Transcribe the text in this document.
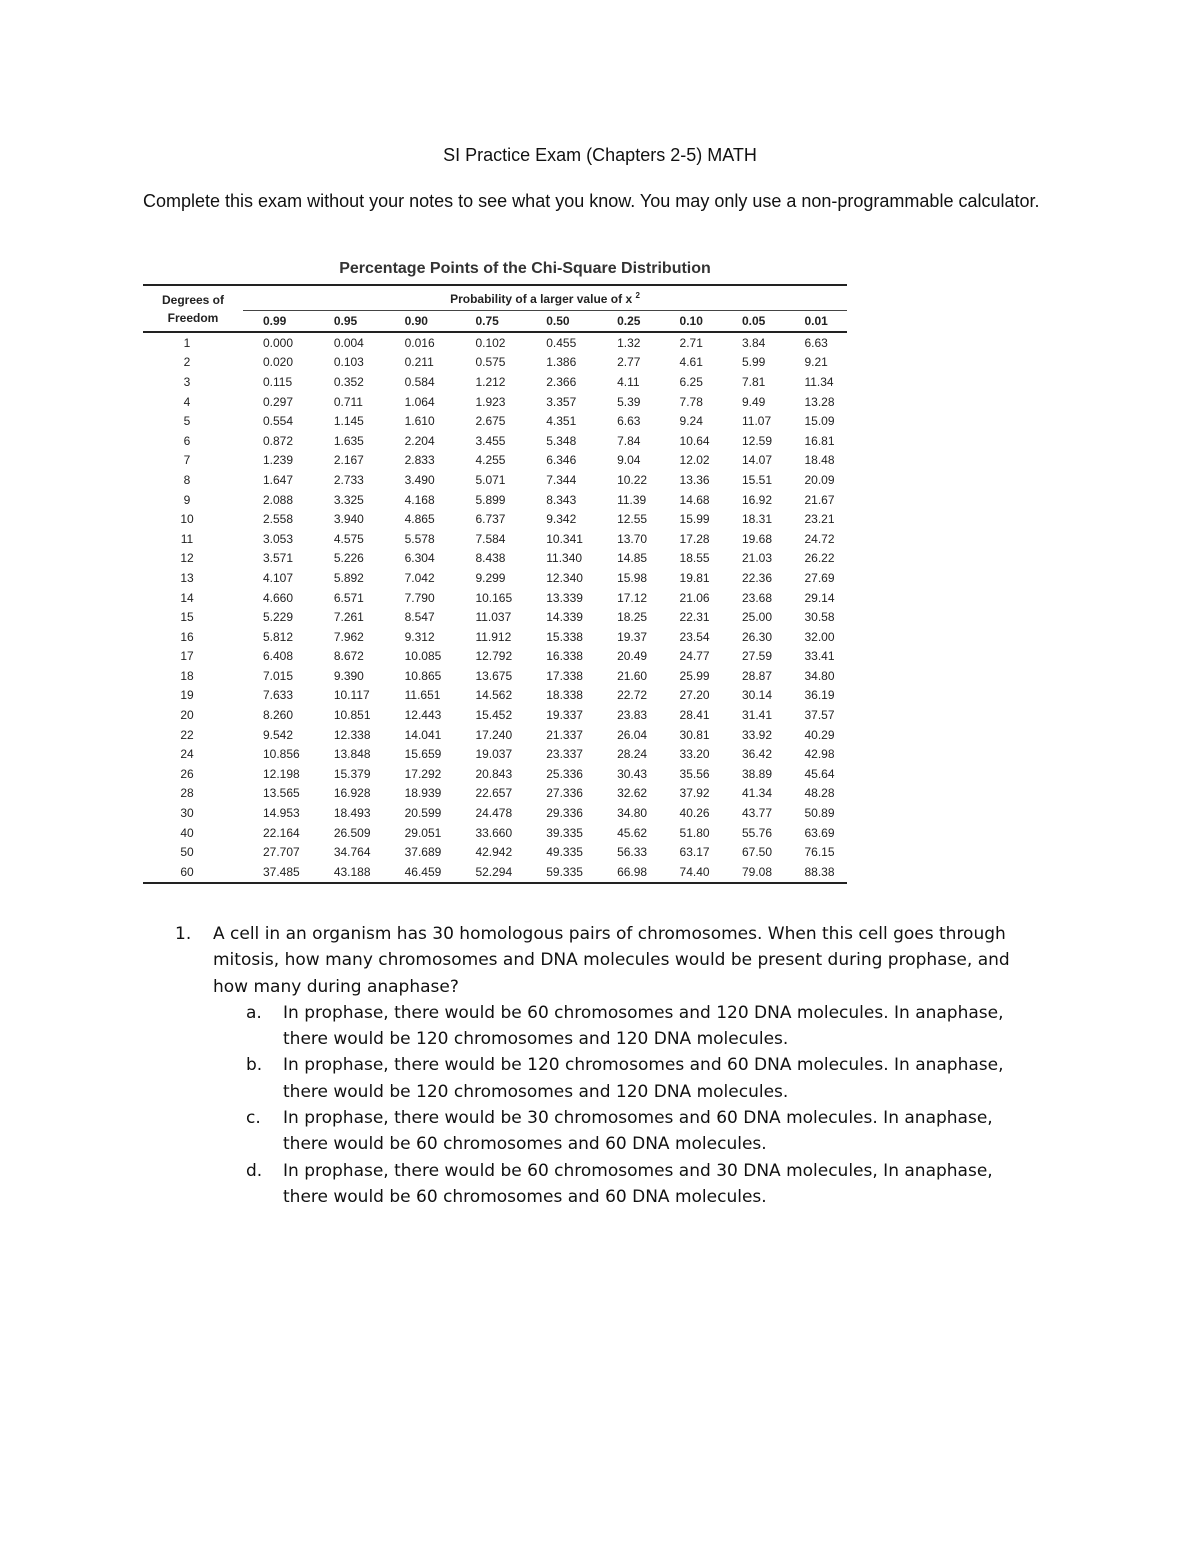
SI Practice Exam (Chapters 2-5) MATH
Complete this exam without your notes to see what you know. You may only use a non-programmable calculator.
Percentage Points of the Chi-Square Distribution
Degrees of
Freedom	Probability of a larger value of x $^2$
	0.99	0.95	0.90	0.75	0.50	0.25	0.10	0.05	0.01
1	0.000	0.004	0.016	0.102	0.455	1.32	2.71	3.84	6.63
2	0.020	0.103	0.211	0.575	1.386	2.77	4.61	5.99	9.21
3	0.115	0.352	0.584	1.212	2.366	4.11	6.25	7.81	11.34
4	0.297	0.711	1.064	1.923	3.357	5.39	7.78	9.49	13.28
5	0.554	1.145	1.610	2.675	4.351	6.63	9.24	11.07	15.09
6	0.872	1.635	2.204	3.455	5.348	7.84	10.64	12.59	16.81
7	1.239	2.167	2.833	4.255	6.346	9.04	12.02	14.07	18.48
8	1.647	2.733	3.490	5.071	7.344	10.22	13.36	15.51	20.09
9	2.088	3.325	4.168	5.899	8.343	11.39	14.68	16.92	21.67
10	2.558	3.940	4.865	6.737	9.342	12.55	15.99	18.31	23.21
11	3.053	4.575	5.578	7.584	10.341	13.70	17.28	19.68	24.72
12	3.571	5.226	6.304	8.438	11.340	14.85	18.55	21.03	26.22
13	4.107	5.892	7.042	9.299	12.340	15.98	19.81	22.36	27.69
14	4.660	6.571	7.790	10.165	13.339	17.12	21.06	23.68	29.14
15	5.229	7.261	8.547	11.037	14.339	18.25	22.31	25.00	30.58
16	5.812	7.962	9.312	11.912	15.338	19.37	23.54	26.30	32.00
17	6.408	8.672	10.085	12.792	16.338	20.49	24.77	27.59	33.41
18	7.015	9.390	10.865	13.675	17.338	21.60	25.99	28.87	34.80
19	7.633	10.117	11.651	14.562	18.338	22.72	27.20	30.14	36.19
20	8.260	10.851	12.443	15.452	19.337	23.83	28.41	31.41	37.57
22	9.542	12.338	14.041	17.240	21.337	26.04	30.81	33.92	40.29
24	10.856	13.848	15.659	19.037	23.337	28.24	33.20	36.42	42.98
26	12.198	15.379	17.292	20.843	25.336	30.43	35.56	38.89	45.64
28	13.565	16.928	18.939	22.657	27.336	32.62	37.92	41.34	48.28
30	14.953	18.493	20.599	24.478	29.336	34.80	40.26	43.77	50.89
40	22.164	26.509	29.051	33.660	39.335	45.62	51.80	55.76	63.69
50	27.707	34.764	37.689	42.942	49.335	56.33	63.17	67.50	76.15
60	37.485	43.188	46.459	52.294	59.335	66.98	74.40	79.08	88.38
1. A cell in an organism has 30 homologous pairs of chromosomes. When this cell goes through mitosis, how many chromosomes and DNA molecules would be present during prophase, and how many during anaphase?
a. In prophase, there would be 60 chromosomes and 120 DNA molecules. In anaphase, there would be 120 chromosomes and 120 DNA molecules.
b. In prophase, there would be 120 chromosomes and 60 DNA molecules. In anaphase, there would be 120 chromosomes and 120 DNA molecules.
c. In prophase, there would be 30 chromosomes and 60 DNA molecules. In anaphase, there would be 60 chromosomes and 60 DNA molecules.
d. In prophase, there would be 60 chromosomes and 30 DNA molecules, In anaphase, there would be 60 chromosomes and 60 DNA molecules.
